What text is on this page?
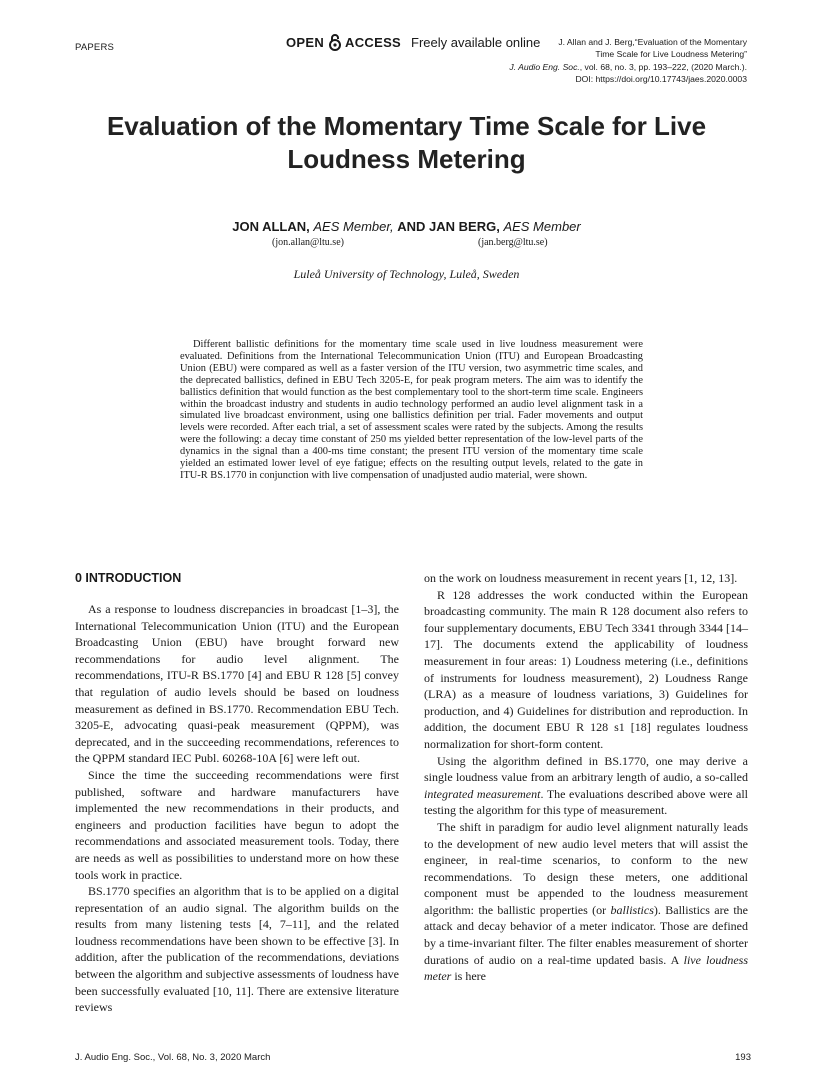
PAPERS	OPEN ACCESS Freely available online	J. Allan and J. Berg,“Evaluation of the Momentary
Time Scale for Live Loudness Metering”
J. Audio Eng. Soc., vol. 68, no. 3, pp. 193–222, (2020 March.).
DOI: https://doi.org/10.17743/jaes.2020.0003
Evaluation of the Momentary Time Scale for Live
Loudness Metering
JON ALLAN, AES Member, AND JAN BERG, AES Member
(jon.allan@ltu.se)	(jan.berg@ltu.se)
Luleå University of Technology, Luleå, Sweden

Different ballistic definitions for the momentary time scale used in live loudness measurement were evaluated. Definitions from the International Telecommunication Union (ITU) and European Broadcasting Union (EBU) were compared as well as a faster version of the ITU version, two asymmetric time scales, and the deprecated ballistics, defined in EBU Tech 3205-E, for peak program meters. The aim was to identify the ballistics definition that would function as the best complementary tool to the short-term time scale. Engineers within the broadcast industry and students in audio technology performed an audio level alignment task in a simulated live broadcast environment, using one ballistics definition per trial. Fader movements and output levels were recorded. After each trial, a set of assessment scales were rated by the subjects. Among the results were the following: a decay time constant of 250 ms yielded better representation of the low-level parts of the dynamics in the signal than a 400-ms time constant; the present ITU version of the momentary time scale yielded an estimated lower level of eye fatigue; effects on the resulting output levels, related to the gate in ITU-R BS.1770 in conjunction with live compensation of unadjusted audio material, were shown.

0 INTRODUCTION

As a response to loudness discrepancies in broadcast [1–3], the International Telecommunication Union (ITU) and the European Broadcasting Union (EBU) have brought forward new recommendations for audio level alignment. The recommendations, ITU-R BS.1770 [4] and EBU R 128 [5] convey that regulation of audio levels should be based on loudness measurement as defined in BS.1770. Recommendation EBU Tech. 3205-E, advocating quasi-peak measurement (QPPM), was deprecated, and in the succeeding recommendations, references to the QPPM standard IEC Publ. 60268-10A [6] were left out.

Since the time the succeeding recommendations were first published, software and hardware manufacturers have implemented the new recommendations in their products, and engineers and production facilities have begun to adopt the recommendations and associated measurement tools. Today, there are needs as well as possibilities to understand more on how these tools work in practice.

BS.1770 specifies an algorithm that is to be applied on a digital representation of an audio signal. The algorithm builds on the results from many listening tests [4, 7–11], and the related loudness recommendations have been shown to be effective [3]. In addition, after the publication of the recommendations, deviations between the algorithm and subjective assessments of loudness have been successfully evaluated [10, 11]. There are extensive literature reviews

on the work on loudness measurement in recent years [1, 12, 13].

R 128 addresses the work conducted within the European broadcasting community. The main R 128 document also refers to four supplementary documents, EBU Tech 3341 through 3344 [14–17]. The documents extend the applicability of loudness measurement in four areas: 1) Loudness metering (i.e., definitions of instruments for loudness measurement), 2) Loudness Range (LRA) as a measure of loudness variations, 3) Guidelines for production, and 4) Guidelines for distribution and reproduction. In addition, the document EBU R 128 s1 [18] regulates loudness normalization for short-form content.

Using the algorithm defined in BS.1770, one may derive a single loudness value from an arbitrary length of audio, a so-called integrated measurement. The evaluations described above were all testing the algorithm for this type of measurement.

The shift in paradigm for audio level alignment naturally leads to the development of new audio level meters that will assist the engineer, in real-time scenarios, to conform to the new recommendations. To design these meters, one additional component must be appended to the loudness measurement algorithm: the ballistic properties (or ballistics). Ballistics are the attack and decay behavior of a meter indicator. Those are defined by a time-invariant filter. The filter enables measurement of shorter durations of audio on a real-time updated basis. A live loudness meter is here

J. Audio Eng. Soc., Vol. 68, No. 3, 2020 March	193
